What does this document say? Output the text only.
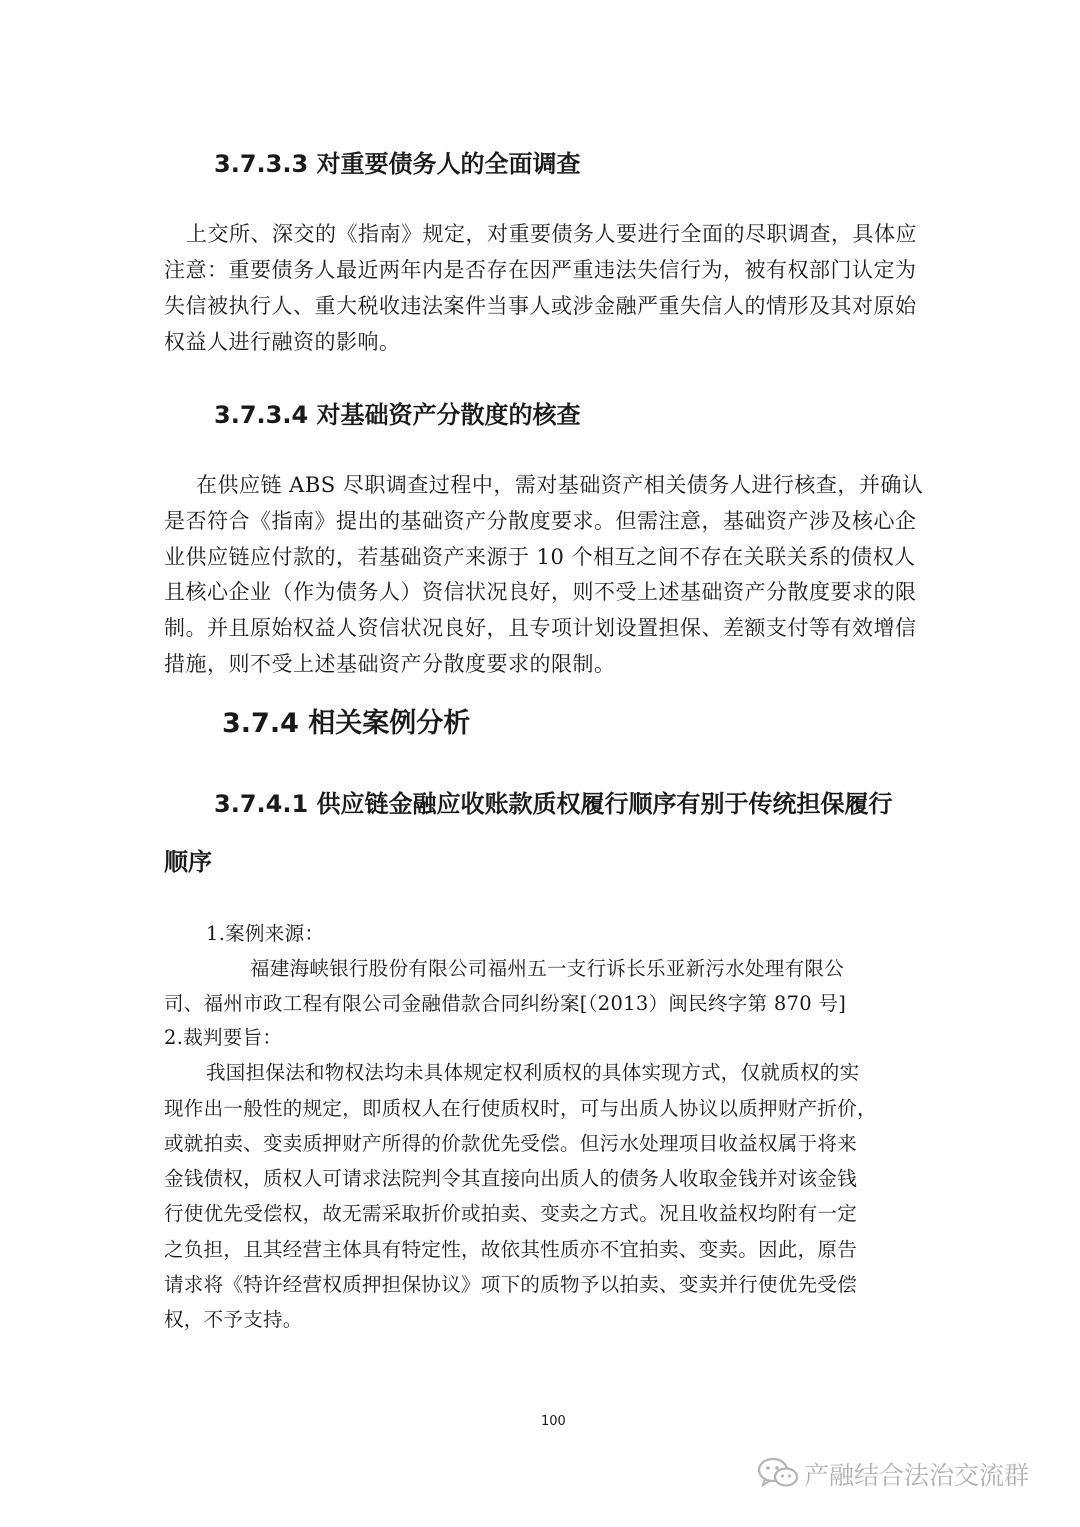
3.7.3.3 对重要债务人的全面调查
上交所、深交的《指南》规定，对重要债务人要进行全面的尽职调查，具体应
注意：重要债务人最近两年内是否存在因严重违法失信行为，被有权部门认定为
失信被执行人、重大税收违法案件当事人或涉金融严重失信人的情形及其对原始
权益人进行融资的影响。
3.7.3.4 对基础资产分散度的核查
在供应链 ABS 尽职调查过程中，需对基础资产相关债务人进行核查，并确认
是否符合《指南》提出的基础资产分散度要求。但需注意，基础资产涉及核心企
业供应链应付款的，若基础资产来源于 10 个相互之间不存在关联关系的债权人
且核心企业（作为债务人）资信状况良好，则不受上述基础资产分散度要求的限
制。并且原始权益人资信状况良好，且专项计划设置担保、差额支付等有效增信
措施，则不受上述基础资产分散度要求的限制。
3.7.4 相关案例分析
3.7.4.1 供应链金融应收账款质权履行顺序有别于传统担保履行
顺序
1.案例来源：
福建海峡银行股份有限公司福州五一支行诉长乐亚新污水处理有限公
司、福州市政工程有限公司金融借款合同纠纷案[（2013）闽民终字第 870 号]
2.裁判要旨：
我国担保法和物权法均未具体规定权利质权的具体实现方式，仅就质权的实
现作出一般性的规定，即质权人在行使质权时，可与出质人协议以质押财产折价，
或就拍卖、变卖质押财产所得的价款优先受偿。但污水处理项目收益权属于将来
金钱债权，质权人可请求法院判令其直接向出质人的债务人收取金钱并对该金钱
行使优先受偿权，故无需采取折价或拍卖、变卖之方式。况且收益权均附有一定
之负担，且其经营主体具有特定性，故依其性质亦不宜拍卖、变卖。因此，原告
请求将《特许经营权质押担保协议》项下的质物予以拍卖、变卖并行使优先受偿
权，不予支持。
100
产融结合法治交流群
